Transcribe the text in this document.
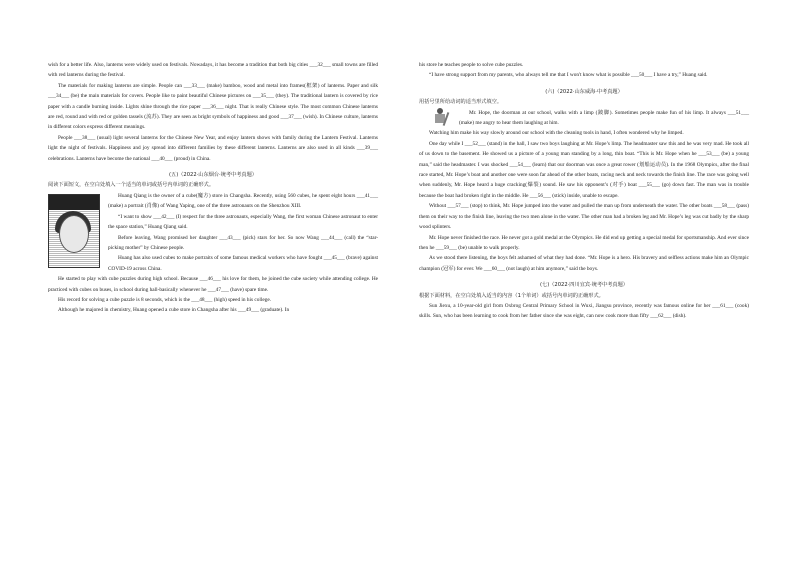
wish for a better life. Also, lanterns were widely used on festivals. Nowadays, it has become a tradition that both big cities ___32___ small towns are filled with red lanterns during the festival.

The materials for making lanterns are simple. People can ___33___ (make) bamboo, wood and metal into frames(框架) of lanterns. Paper and silk ___34___ (be) the main materials for covers. People like to paint beautiful Chinese pictures on ___35___ (they). The traditional lantern is covered by rice paper with a candle burning inside. Lights shine through the rice paper ___36___ night. That is really Chinese style. The most common Chinese lanterns are red, round and with red or golden tassels (流苏). They are seen as bright symbols of happiness and good ___37___ (wish). In Chinese culture, lanterns in different colors express different meanings.

People ___38___ (usual) light several lanterns for the Chinese New Year, and enjoy lantern shows with family during the Lantern Festival. Lanterns light the night of festivals. Happiness and joy spread into different families by these different lanterns. Lanterns are also used in all kinds ___39___ celebrations. Lanterns have become the national ___40___ (proud) in China.

(五)（2022·山东烟台·统考中考真题）

阅读下面短文，在空白处填入一个适当的单词或括号内单词的正确形式。

Huang Qiang is the owner of a cube(魔方) store in Changsha. Recently, using 560 cubes, he spent eight hours ___41___ (make) a portrait (肖像) of Wang Yaping, one of the three astronauts on the Shenzhou XIII.

“I want to show ___42___ (I) respect for the three astronauts, especially Wang, the first woman Chinese astronaut to enter the space station,” Huang Qiang said.

Before leaving, Wang promised her daughter ___43___ (pick) stars for her. So now Wang ___44___ (call) the “star-picking mother” by Chinese people.

Huang has also used cubes to make portraits of some famous medical workers who have fought ___45___ (brave) against COVID-19 across China.

He started to play with cube puzzles during high school. Because ___46___ his love for them, he joined the cube society while attending college. He practiced with cubes on buses, in school during hall-basically whenever he ___47___ (have) spare time.

His record for solving a cube puzzle is 8 seconds, which is the ___48___ (high) speed in his college.

Although he majored in chemistry, Huang opened a cube store in Changsha after his ___49___ (graduate). In

his store he teaches people to solve cube puzzles.

“I have strong support from my parents, who always tell me that I won't know what is possible ___50___ I have a try,” Huang said.

(六)（2022·山东威海·中考真题）

用括号里所给动词的适当形式填空。

Mr. Hope, the doorman at our school, walks with a limp (跛脚). Sometimes people make fun of his limp. It always ___51___ (make) me angry to hear them laughing at him.

Watching him make his way slowly around our school with the cleaning tools in hand, I often wondered why he limped.

One day while I ___52___ (stand) in the hall, I saw two boys laughing at Mr. Hope’s limp. The headmaster saw this and he was very mad. He took all of us down to the basement. He showed us a picture of a young man standing by a long, thin boat. “This is Mr. Hope when he ___53___ (be) a young man,” said the headmaster. I was shocked ___54___ (learn) that our doorman was once a great rower (划船运动员). In the 1968 Olympics, after the final race started, Mr. Hope’s boat and another one were soon far ahead of the other boats, racing neck and neck towards the finish line. The race was going well when suddenly, Mr. Hope heard a huge cracking(爆裂) sound. He saw his opponent’s (对手) boat ___55___ (go) down fast. The man was in trouble because the boat had broken right in the middle. He ___56___ (stick) inside, unable to escape.

Without ___57___ (stop) to think, Mr. Hope jumped into the water and pulled the man up from underneath the water. The other boats ___58___ (pass) them on their way to the finish line, leaving the two men alone in the water. The other man had a broken leg and Mr. Hope’s leg was cut badly by the sharp wood splinters.

Mr. Hope never finished the race. He never got a gold medal at the Olympics. He did end up getting a special medal for sportsmanship. And ever since then he ___59___ (be) unable to walk properly.

As we stood there listening, the boys felt ashamed of what they had done. “Mr. Hope is a hero. His bravery and selfless actions make him an Olympic champion (冠军) for ever. We ___60___ (not laugh) at him anymore,” said the boys.

(七)（2022·四川宜宾·统考中考真题）

根据下面材料，在空白处填入适当的内容（1个单词）或括号内单词的正确形式。

Sun Jiexu, a 10-year-old girl from Oxbrog Central Primary School in Wuxi, Jiangsu province, recently was famous online for her ___61___ (cook) skills. Sun, who has been learning to cook from her father since she was eight, can now cook more than fifty ___62___ (dish).
